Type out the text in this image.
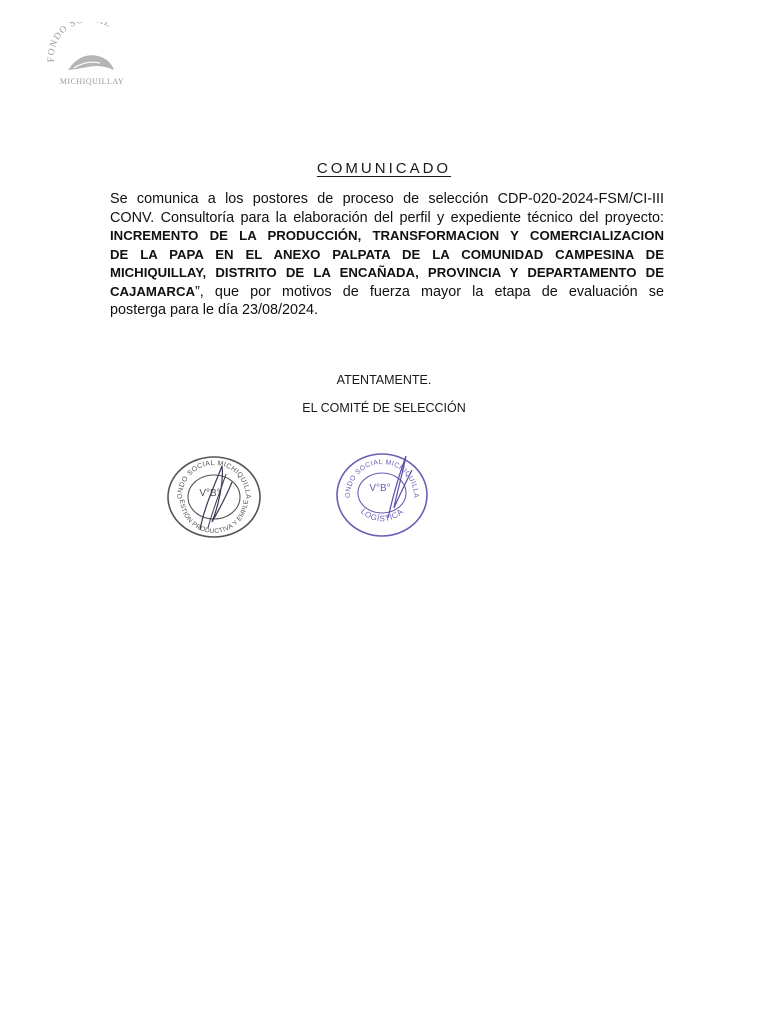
FONDO S L
MICHIQUILLAY
COMUNICADO
Se comunica a los postores de proceso de selección CDP-020-2024-FSM/CI-III
CONV. Consultoría para la elaboración del perfil y expediente técnico del proyecto:
INCREMENTO DE LA PRODUCCIÓN, TRANSFORMACION Y COMERCIALIZACION
DE LA PAPA EN EL ANEXO PALPATA DE LA COMUNIDAD CAMPESINA DE
MICHIQUILLAY, DISTRITO DE LA ENCAÑADA, PROVINCIA Y DEPARTAMENTO DE
CAJAMARCA”, que por motivos de fuerza mayor la etapa de evaluación se
posterga para le día 23/08/2024.
ATENTAMENTE.
EL COMITÉ DE SELECCIÓN
ONDO SOCIAL MICHIQUILLA
ESTIÓN PRODUCTIVA Y EMPLE
V°B°	ONDO SOCIAL MICHIQUILLA
LOGÍSTICA
V°B°
